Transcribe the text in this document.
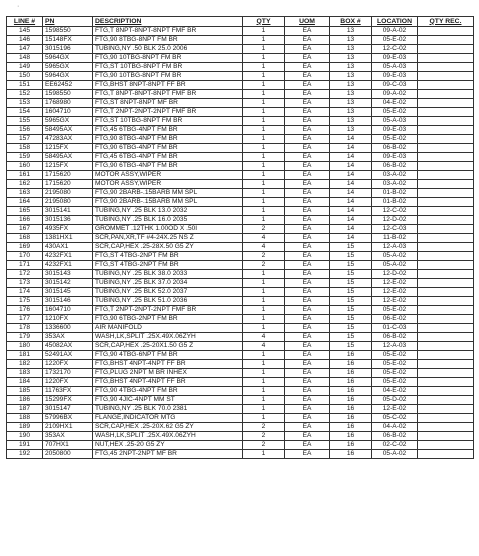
·
LINE #	PN	DESCRIPTION	QTY	UOM	BOX #	LOCATION	QTY REC.
145	1598550	FTG,T 8NPT-8NPT-8NPT FMF BR	1	EA	13	09-A-02	
146	15148FX	FTG,90 8TBG-8NPT FM BR	1	EA	13	05-E-02	
147	3015196	TUBING,NY .50 BLK 25.0 2006	1	EA	13	12-C-02	
148	5964GX	FTG,90 10TBG-8NPT FM BR	1	EA	13	09-E-03	
149	5965GX	FTG,ST 10TBG-8NPT FM BR	1	EA	13	05-A-03	
150	5964GX	FTG,90 10TBG-8NPT FM BR	1	EA	13	09-E-03	
151	EE62452	FTG,BHST 8NPT-8NPT FF BR	1	EA	13	09-C-03	
152	1598550	FTG,T 8NPT-8NPT-8NPT FMF BR	1	EA	13	09-A-02	
153	1768980	FTG,ST 8NPT-8NPT MF BR	1	EA	13	04-E-02	
154	1604710	FTG,T 2NPT-2NPT-2NPT FMF BR	1	EA	13	05-E-02	
155	5965GX	FTG,ST 10TBG-8NPT FM BR	1	EA	13	05-A-03	
156	58495AX	FTG,45 6TBG-4NPT FM BR	1	EA	13	09-E-03	
157	47283AX	FTG,90 8TBG-4NPT FM BR	1	EA	14	05-E-02	
158	1215FX	FTG,90 6TBG-4NPT FM BR	1	EA	14	06-B-02	
159	58495AX	FTG,45 6TBG-4NPT FM BR	1	EA	14	09-E-03	
160	1215FX	FTG,90 6TBG-4NPT FM BR	1	EA	14	06-B-02	
161	1715620	MOTOR ASSY,WIPER	1	EA	14	03-A-02	
162	1715620	MOTOR ASSY,WIPER	1	EA	14	03-A-02	
163	2195080	FTG,90 2BARB-.15BARB MM SPL	1	EA	14	01-B-02	
164	2195080	FTG,90 2BARB-.15BARB MM SPL	1	EA	14	01-B-02	
165	3015141	TUBING,NY .25 BLK 13.0 2032	1	EA	14	12-C-02	
166	3015136	TUBING,NY .25 BLK 16.0 2035	1	EA	14	12-D-02	
167	4935FX	GROMMET .12THK 1.00OD X .50I	2	EA	14	12-C-03	
168	1381HX1	SCR,PAN,XR,TF #4-24X.25 NS Z	4	EA	14	11-B-02	
169	430AX1	SCR,CAP,HEX .25-28X.50 G5 ZY	4	EA	15	12-A-03	
170	4232FX1	FTG,ST 4TBG-2NPT FM BR	2	EA	15	05-A-02	
171	4232FX1	FTG,ST 4TBG-2NPT FM BR	2	EA	15	05-A-02	
172	3015143	TUBING,NY .25 BLK 38.0 2033	1	EA	15	12-D-02	
173	3015142	TUBING,NY .25 BLK 37.0 2034	1	EA	15	12-E-02	
174	3015145	TUBING,NY .25 BLK 52.0 2037	1	EA	15	12-E-02	
175	3015146	TUBING,NY .25 BLK 51.0 2036	1	EA	15	12-E-02	
176	1604710	FTG,T 2NPT-2NPT-2NPT FMF BR	1	EA	15	05-E-02	
177	1210FX	FTG,90 6TBG-2NPT FM BR	1	EA	15	06-E-02	
178	1336600	AIR MANIFOLD	1	EA	15	01-C-03	
179	353AX	WASH,LK,SPLIT .25X.49X.06ZYH	4	EA	15	06-B-02	
180	45082AX	SCR,CAP,HEX .25-20X1.50 G5 Z	4	EA	15	12-A-03	
181	52491AX	FTG,90 4TBG-6NPT FM BR	1	EA	16	05-E-02	
182	1220FX	FTG,BHST 4NPT-4NPT FF BR	1	EA	16	05-E-02	
183	1732170	FTG,PLUG 2NPT M BR INHEX	1	EA	16	05-E-02	
184	1220FX	FTG,BHST 4NPT-4NPT FF BR	1	EA	16	05-E-02	
185	11763FX	FTG,90 4TBG-4NPT FM BR	1	EA	16	04-E-02	
186	15299FX	FTG,90 4JIC-4NPT MM ST	1	EA	16	05-D-02	
187	3015147	TUBING,NY .25 BLK 70.0 2381	1	EA	16	12-E-02	
188	57996BX	FLANGE,INDICATOR MTG	1	EA	16	05-C-02	
189	2109HX1	SCR,CAP,HEX .25-20X.62 G5 ZY	2	EA	16	04-A-02	
190	353AX	WASH,LK,SPLIT .25X.49X.06ZYH	2	EA	16	06-B-02	
191	707HX1	NUT,HEX .25-20 G5 ZY	2	EA	16	02-C-02	
192	2050800	FTG,45 2NPT-2NPT MF BR	1	EA	16	05-A-02	
